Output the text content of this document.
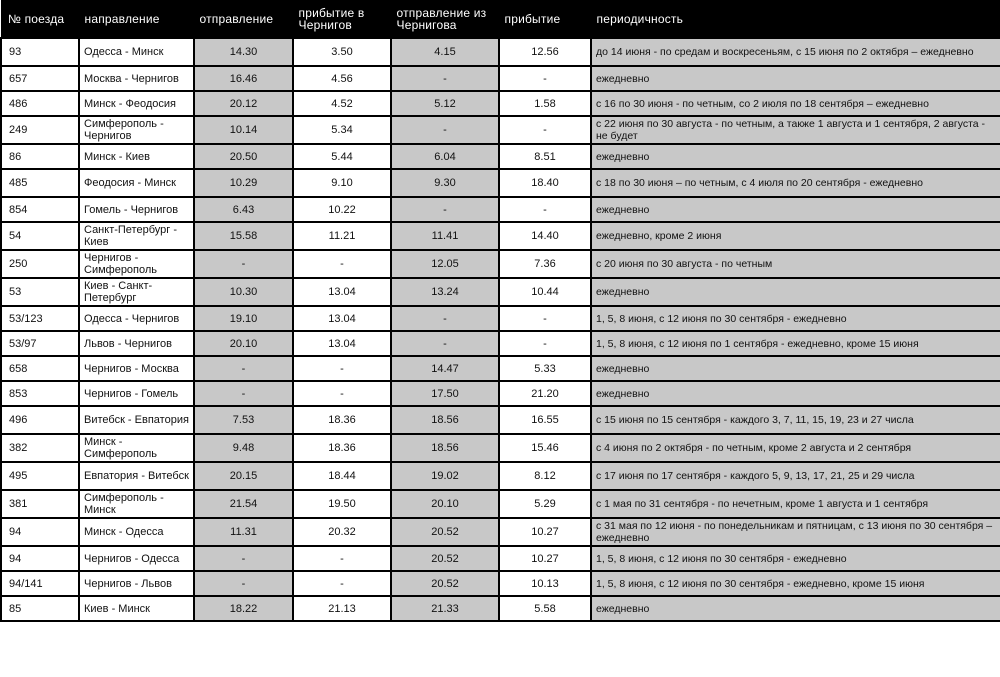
№ поезда	направление	отправление	прибытие в Чернигов	отправление из Чернигова	прибытие	периодичность
93	Одесса - Минск	14.30	3.50	4.15	12.56	до 14 июня - по средам и воскресеньям, с 15 июня по 2 октября – ежедневно
657	Москва - Чернигов	16.46	4.56	-	-	ежедневно
486	Минск - Феодосия	20.12	4.52	5.12	1.58	с 16 по 30 июня - по четным, со 2 июля по 18 сентября – ежедневно
249	Симферополь - Чернигов	10.14	5.34	-	-	с 22 июня по 30 августа - по четным, а также 1 августа и 1 сентября, 2 августа - не будет
86	Минск - Киев	20.50	5.44	6.04	8.51	ежедневно
485	Феодосия - Минск	10.29	9.10	9.30	18.40	с 18 по 30 июня – по четным, с 4 июля по 20 сентября - ежедневно
854	Гомель - Чернигов	6.43	10.22	-	-	ежедневно
54	Санкт-Петербург - Киев	15.58	11.21	11.41	14.40	ежедневно, кроме 2 июня
250	Чернигов - Симферополь	-	-	12.05	7.36	с 20 июня по 30 августа - по четным
53	Киев - Санкт-Петербург	10.30	13.04	13.24	10.44	ежедневно
53/123	Одесса - Чернигов	19.10	13.04	-	-	1, 5, 8 июня, с 12 июня по 30 сентября - ежедневно
53/97	Львов - Чернигов	20.10	13.04	-	-	1, 5, 8 июня, с 12 июня по 1 сентября - ежедневно, кроме 15 июня
658	Чернигов - Москва	-	-	14.47	5.33	ежедневно
853	Чернигов - Гомель	-	-	17.50	21.20	ежедневно
496	Витебск - Евпатория	7.53	18.36	18.56	16.55	с 15 июня по 15 сентября - каждого 3, 7, 11, 15, 19, 23 и 27 числа
382	Минск - Симферополь	9.48	18.36	18.56	15.46	с 4 июня по 2 октября - по четным, кроме 2 августа и 2 сентября
495	Евпатория - Витебск	20.15	18.44	19.02	8.12	с 17 июня по 17 сентября - каждого 5, 9, 13, 17, 21, 25 и 29 числа
381	Симферополь - Минск	21.54	19.50	20.10	5.29	с 1 мая по 31 сентября - по нечетным, кроме 1 августа и 1 сентября
94	Минск - Одесса	11.31	20.32	20.52	10.27	с 31 мая по 12 июня - по понедельникам и пятницам, с 13 июня по 30 сентября – ежедневно
94	Чернигов - Одесса	-	-	20.52	10.27	1, 5, 8 июня, с 12 июня по 30 сентября - ежедневно
94/141	Чернигов - Львов	-	-	20.52	10.13	1, 5, 8 июня, с 12 июня по 30 сентября - ежедневно, кроме 15 июня
85	Киев - Минск	18.22	21.13	21.33	5.58	ежедневно
